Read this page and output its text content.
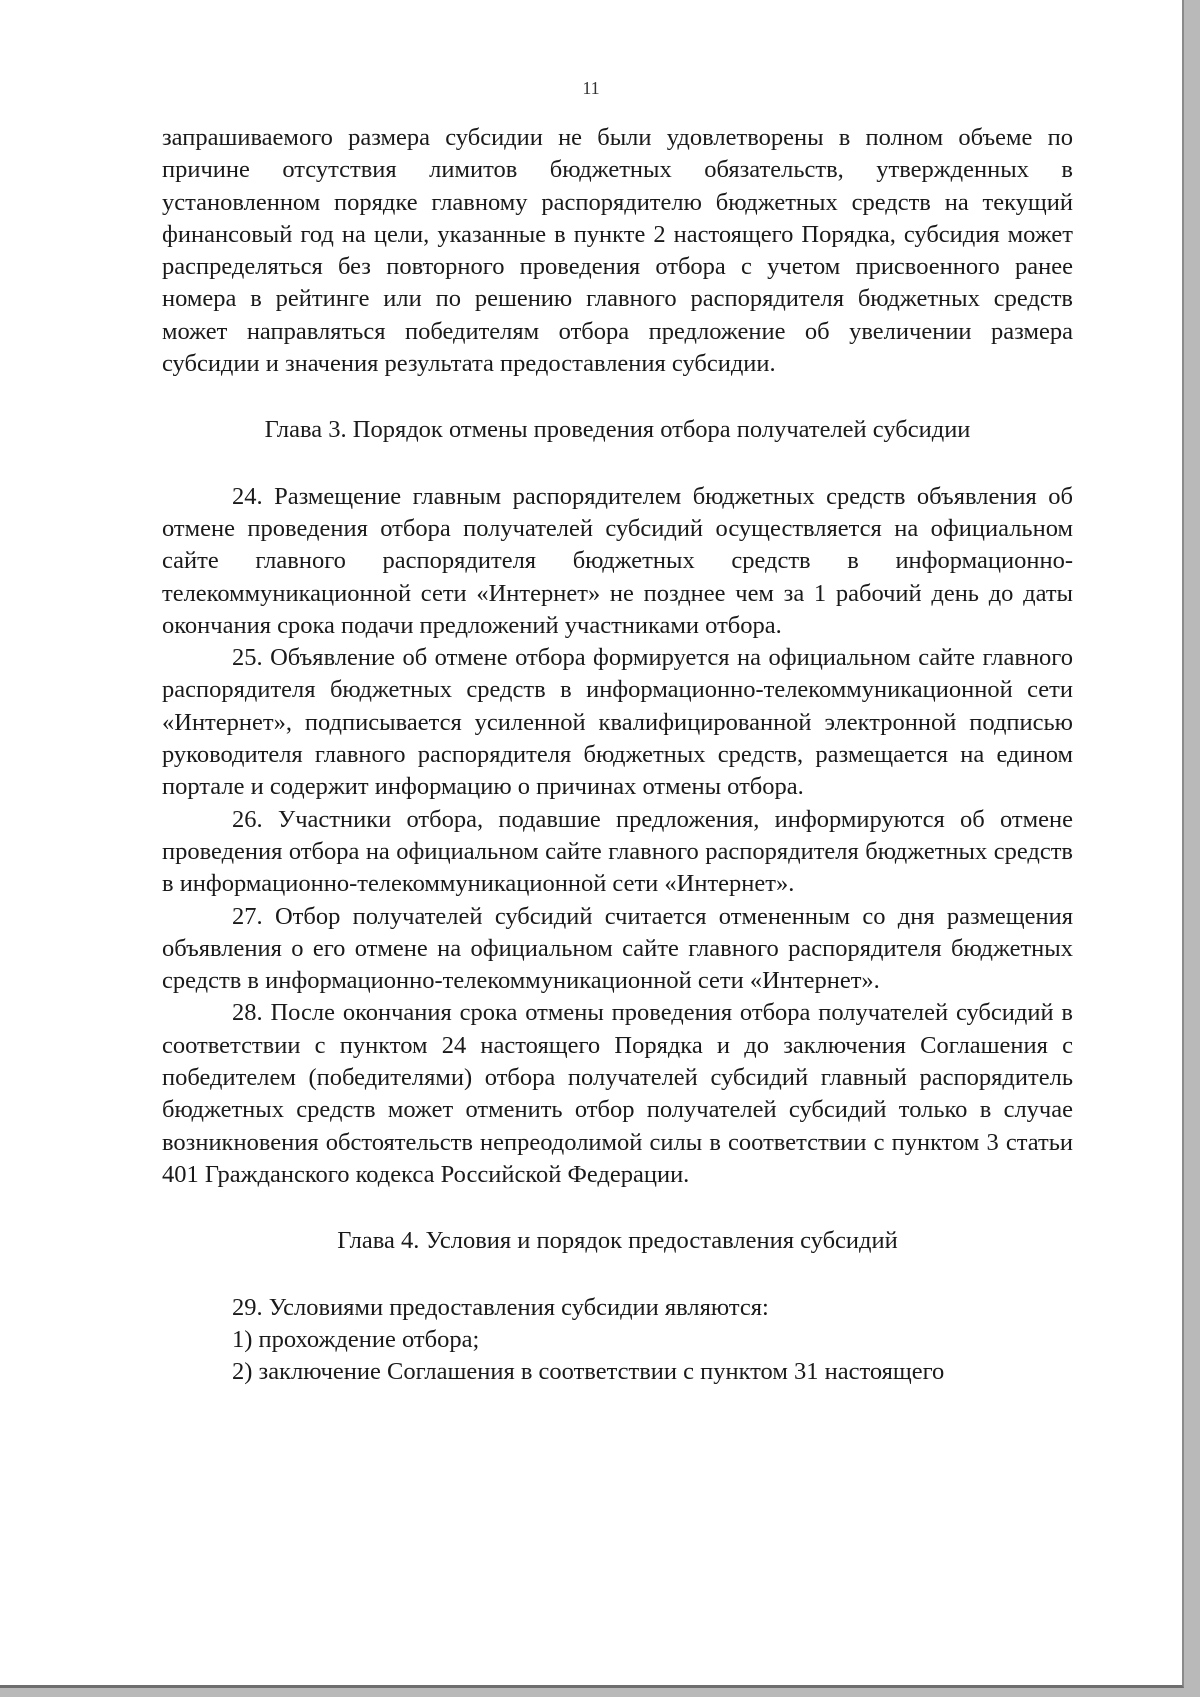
11

запрашиваемого размера субсидии не были удовлетворены в полном объеме по причине отсутствия лимитов бюджетных обязательств, утвержденных в установленном порядке главному распорядителю бюджетных средств на текущий финансовый год на цели, указанные в пункте 2 настоящего Порядка, субсидия может распределяться без повторного проведения отбора с учетом присвоенного ранее номера в рейтинге или по решению главного распорядителя бюджетных средств может направляться победителям отбора предложение об увеличении размера субсидии и значения результата предоставления субсидии.

Глава 3. Порядок отмены проведения отбора получателей субсидии

24. Размещение главным распорядителем бюджетных средств объявления об отмене проведения отбора получателей субсидий осуществляется на официальном сайте главного распорядителя бюджетных средств в информационно-телекоммуникационной сети «Интернет» не позднее чем за 1 рабочий день до даты окончания срока подачи предложений участниками отбора.

25. Объявление об отмене отбора формируется на официальном сайте главного распорядителя бюджетных средств в информационно-телекоммуникационной сети «Интернет», подписывается усиленной квалифицированной электронной подписью руководителя главного распорядителя бюджетных средств, размещается на едином портале и содержит информацию о причинах отмены отбора.

26. Участники отбора, подавшие предложения, информируются об отмене проведения отбора на официальном сайте главного распорядителя бюджетных средств в информационно-телекоммуникационной сети «Интернет».

27. Отбор получателей субсидий считается отмененным со дня размещения объявления о его отмене на официальном сайте главного распорядителя бюджетных средств в информационно-телекоммуникационной сети «Интернет».

28. После окончания срока отмены проведения отбора получателей субсидий в соответствии с пунктом 24 настоящего Порядка и до заключения Соглашения с победителем (победителями) отбора получателей субсидий главный распорядитель бюджетных средств может отменить отбор получателей субсидий только в случае возникновения обстоятельств непреодолимой силы в соответствии с пунктом 3 статьи 401 Гражданского кодекса Российской Федерации.

Глава 4. Условия и порядок предоставления субсидий

29. Условиями предоставления субсидии являются:

1) прохождение отбора;

2) заключение Соглашения в соответствии с пунктом 31 настоящего
